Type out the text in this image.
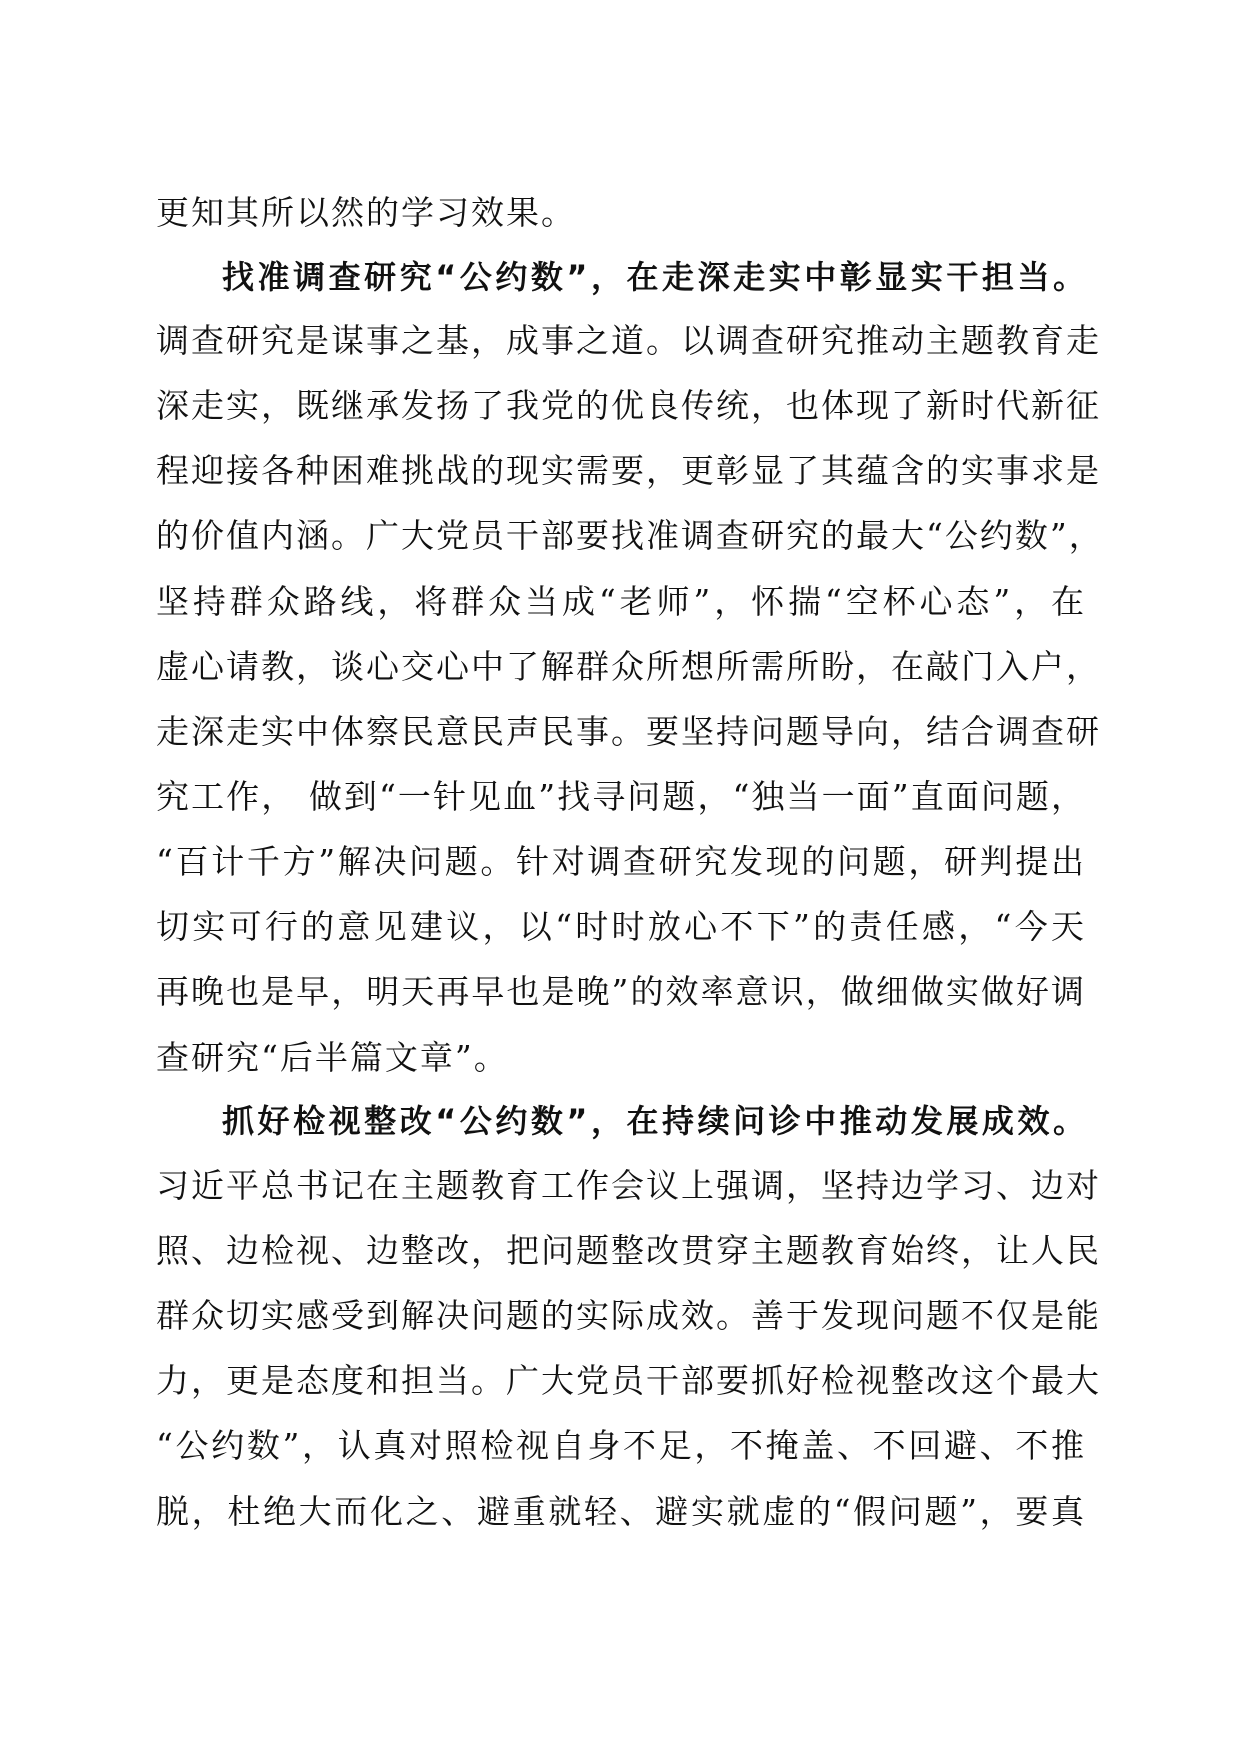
更知其所以然的学习效果。
找准调查研究“公约数”，在走深走实中彰显实干担当。
调查研究是谋事之基，成事之道。以调查研究推动主题教育走
深走实，既继承发扬了我党的优良传统，也体现了新时代新征
程迎接各种困难挑战的现实需要，更彰显了其蕴含的实事求是
的价值内涵。广大党员干部要找准调查研究的最大“公约数”，
坚持群众路线，将群众当成“老师”，怀揣“空杯心态”，在
虚心请教，谈心交心中了解群众所想所需所盼，在敲门入户，
走深走实中体察民意民声民事。要坚持问题导向，结合调查研
究工作， 做到“一针见血”找寻问题，“独当一面”直面问题，
“百计千方”解决问题。针对调查研究发现的问题，研判提出
切实可行的意见建议，以“时时放心不下”的责任感，“今天
再晚也是早，明天再早也是晚”的效率意识，做细做实做好调
查研究“后半篇文章”。
抓好检视整改“公约数”，在持续问诊中推动发展成效。
习近平总书记在主题教育工作会议上强调，坚持边学习、边对
照、边检视、边整改，把问题整改贯穿主题教育始终，让人民
群众切实感受到解决问题的实际成效。善于发现问题不仅是能
力，更是态度和担当。广大党员干部要抓好检视整改这个最大
“公约数”，认真对照检视自身不足，不掩盖、不回避、不推
脱，杜绝大而化之、避重就轻、避实就虚的“假问题”，要真
